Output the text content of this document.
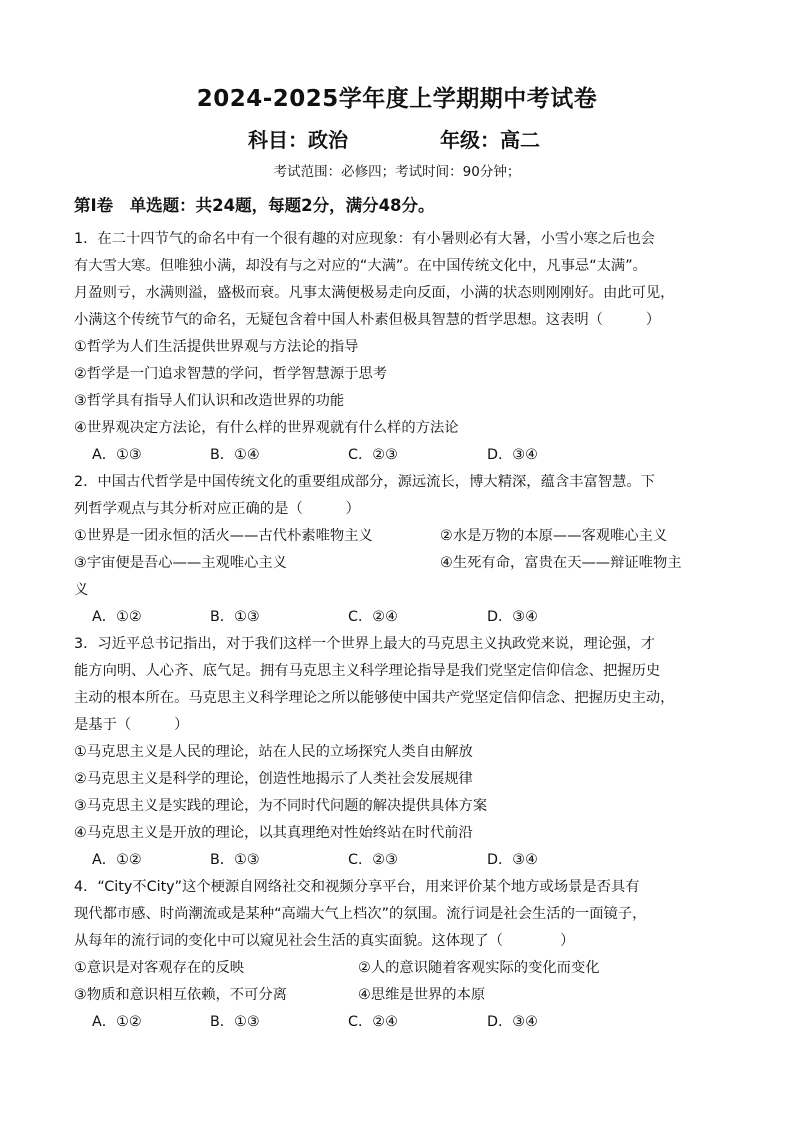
2024-2025学年度上学期期中考试卷
科目：政治	年级：高二
考试范围：必修四；考试时间：90分钟；
第Ⅰ卷　单选题：共24题，每题2分，满分48分。
1．在二十四节气的命名中有一个很有趣的对应现象：有小暑则必有大暑，小雪小寒之后也会
有大雪大寒。但唯独小满，却没有与之对应的“大满”。在中国传统文化中，凡事忌“太满”。
月盈则亏，水满则溢，盛极而衰。凡事太满便极易走向反面，小满的状态则刚刚好。由此可见，
小满这个传统节气的命名，无疑包含着中国人朴素但极具智慧的哲学思想。这表明（　　　）
①哲学为人们生活提供世界观与方法论的指导
②哲学是一门追求智慧的学问，哲学智慧源于思考
③哲学具有指导人们认识和改造世界的功能
④世界观决定方法论，有什么样的世界观就有什么样的方法论
A．①③	B．①④	C．②③	D．③④
2．中国古代哲学是中国传统文化的重要组成部分，源远流长，博大精深，蕴含丰富智慧。下
列哲学观点与其分析对应正确的是（　　　）
①世界是一团永恒的活火——古代朴素唯物主义	②水是万物的本原——客观唯心主义
③宇宙便是吾心——主观唯心主义	④生死有命，富贵在天——辩证唯物主
义
A．①②	B．①③	C．②④	D．③④
3．习近平总书记指出，对于我们这样一个世界上最大的马克思主义执政党来说，理论强，才
能方向明、人心齐、底气足。拥有马克思主义科学理论指导是我们党坚定信仰信念、把握历史
主动的根本所在。马克思主义科学理论之所以能够使中国共产党坚定信仰信念、把握历史主动，
是基于（　　　）
①马克思主义是人民的理论，站在人民的立场探究人类自由解放
②马克思主义是科学的理论，创造性地揭示了人类社会发展规律
③马克思主义是实践的理论，为不同时代问题的解决提供具体方案
④马克思主义是开放的理论，以其真理绝对性始终站在时代前沿
A．①②	B．①③	C．②③	D．③④
4．“City不City”这个梗源自网络社交和视频分享平台，用来评价某个地方或场景是否具有
现代都市感、时尚潮流或是某种“高端大气上档次”的氛围。流行词是社会生活的一面镜子，
从每年的流行词的变化中可以窥见社会生活的真实面貌。这体现了（　　　　）
①意识是对客观存在的反映	②人的意识随着客观实际的变化而变化
③物质和意识相互依赖，不可分离	④思维是世界的本原
A．①②	B．①③	C．②④	D．③④
